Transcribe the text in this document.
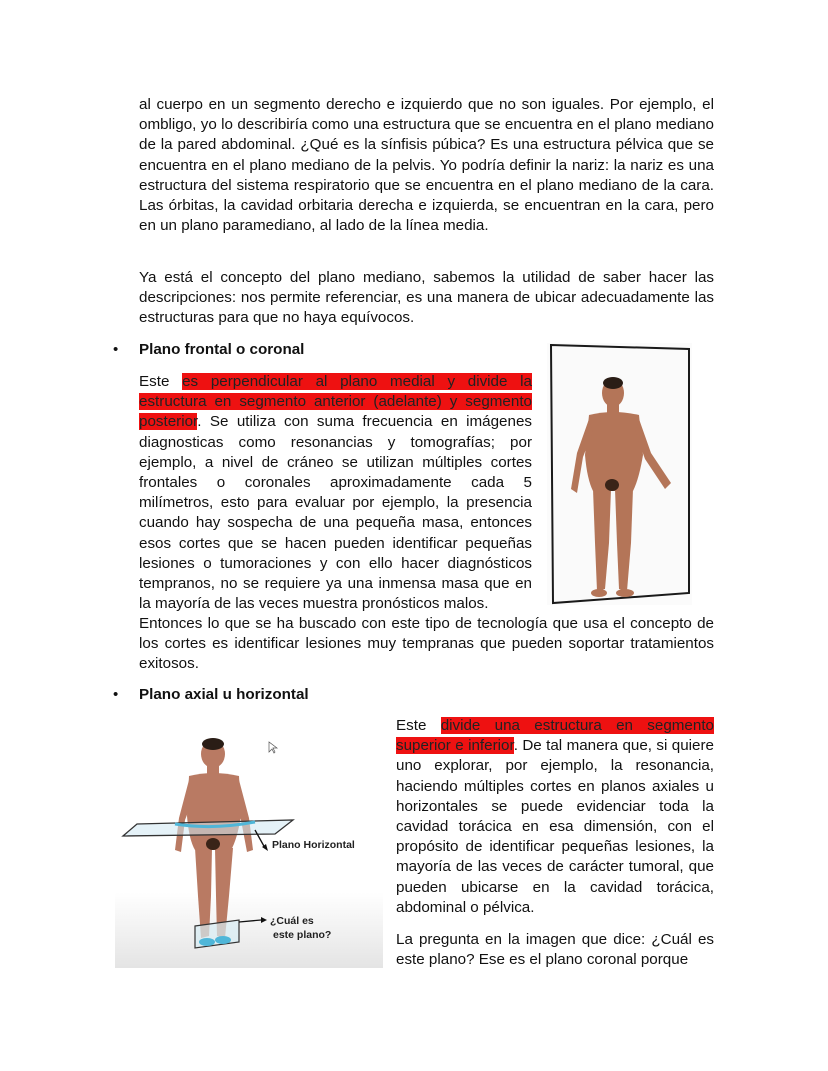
al cuerpo en un segmento derecho e izquierdo que no son iguales. Por ejemplo, el ombligo, yo lo describiría como una estructura que se encuentra en el plano mediano de la pared abdominal. ¿Qué es la sínfisis púbica? Es una estructura pélvica que se encuentra en el plano mediano de la pelvis. Yo podría definir la nariz: la nariz es una estructura del sistema respiratorio que se encuentra en el plano mediano de la cara. Las órbitas, la cavidad orbitaria derecha e izquierda, se encuentran en la cara, pero en un plano paramediano, al lado de la línea media.

Ya está el concepto del plano mediano, sabemos la utilidad de saber hacer las descripciones: nos permite referenciar, es una manera de ubicar adecuadamente las estructuras para que no haya equívocos.

• Plano frontal o coronal

Este es perpendicular al plano medial y divide la estructura en segmento anterior (adelante) y segmento posterior. Se utiliza con suma frecuencia en imágenes diagnosticas como resonancias y tomografías; por ejemplo, a nivel de cráneo se utilizan múltiples cortes frontales o coronales aproximadamente cada 5 milímetros, esto para evaluar por ejemplo, la presencia cuando hay sospecha de una pequeña masa, entonces esos cortes que se hacen pueden identificar pequeñas lesiones o tumoraciones y con ello hacer diagnósticos tempranos, no se requiere ya una inmensa masa que en la mayoría de las veces muestra pronósticos malos.

Entonces lo que se ha buscado con este tipo de tecnología que usa el concepto de los cortes es identificar lesiones muy tempranas que pueden soportar tratamientos exitosos.

• Plano axial u horizontal

Este divide una estructura en segmento superior e inferior. De tal manera que, si quiere uno explorar, por ejemplo, la resonancia, haciendo múltiples cortes en planos axiales u horizontales se puede evidenciar toda la cavidad torácica en esa dimensión, con el propósito de identificar pequeñas lesiones, la mayoría de las veces de carácter tumoral, que pueden ubicarse en la cavidad torácica, abdominal o pélvica.

La pregunta en la imagen que dice: ¿Cuál es este plano? Ese es el plano coronal porque

Plano Horizontal
¿Cuál es
este plano?
